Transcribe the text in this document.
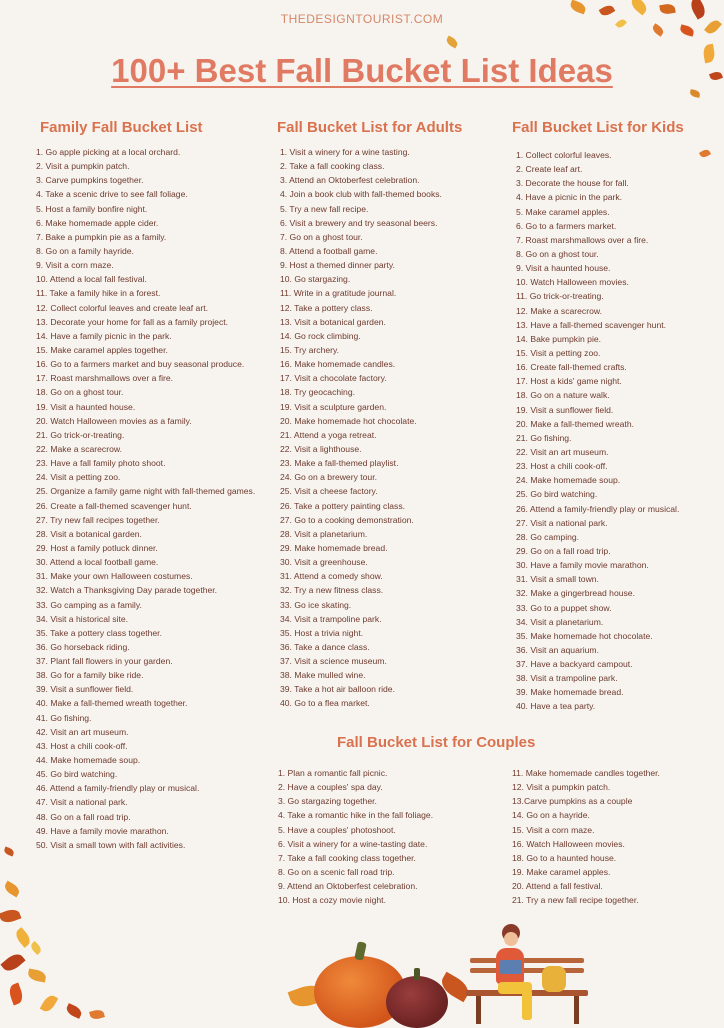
THEDESIGNTOURIST.COM
100+ Best Fall Bucket List Ideas
Family Fall Bucket List
1. Go apple picking at a local orchard.
2. Visit a pumpkin patch.
3. Carve pumpkins together.
4. Take a scenic drive to see fall foliage.
5. Host a family bonfire night.
6. Make homemade apple cider.
7. Bake a pumpkin pie as a family.
8. Go on a family hayride.
9. Visit a corn maze.
10. Attend a local fall festival.
11. Take a family hike in a forest.
12. Collect colorful leaves and create leaf art.
13. Decorate your home for fall as a family project.
14. Have a family picnic in the park.
15. Make caramel apples together.
16. Go to a farmers market and buy seasonal produce.
17. Roast marshmallows over a fire.
18. Go on a ghost tour.
19. Visit a haunted house.
20. Watch Halloween movies as a family.
21. Go trick-or-treating.
22. Make a scarecrow.
23. Have a fall family photo shoot.
24. Visit a petting zoo.
25. Organize a family game night with fall-themed games.
26. Create a fall-themed scavenger hunt.
27. Try new fall recipes together.
28. Visit a botanical garden.
29. Host a family potluck dinner.
30. Attend a local football game.
31. Make your own Halloween costumes.
32. Watch a Thanksgiving Day parade together.
33. Go camping as a family.
34. Visit a historical site.
35. Take a pottery class together.
36. Go horseback riding.
37. Plant fall flowers in your garden.
38. Go for a family bike ride.
39. Visit a sunflower field.
40. Make a fall-themed wreath together.
41. Go fishing.
42. Visit an art museum.
43. Host a chili cook-off.
44. Make homemade soup.
45. Go bird watching.
46. Attend a family-friendly play or musical.
47. Visit a national park.
48. Go on a fall road trip.
49. Have a family movie marathon.
50. Visit a small town with fall activities.
Fall Bucket List for Adults
1. Visit a winery for a wine tasting.
2. Take a fall cooking class.
3. Attend an Oktoberfest celebration.
4. Join a book club with fall-themed books.
5. Try a new fall recipe.
6. Visit a brewery and try seasonal beers.
7. Go on a ghost tour.
8. Attend a football game.
9. Host a themed dinner party.
10. Go stargazing.
11. Write in a gratitude journal.
12. Take a pottery class.
13. Visit a botanical garden.
14. Go rock climbing.
15. Try archery.
16. Make homemade candles.
17. Visit a chocolate factory.
18. Try geocaching.
19. Visit a sculpture garden.
20. Make homemade hot chocolate.
21. Attend a yoga retreat.
22. Visit a lighthouse.
23. Make a fall-themed playlist.
24. Go on a brewery tour.
25. Visit a cheese factory.
26. Take a pottery painting class.
27. Go to a cooking demonstration.
28. Visit a planetarium.
29. Make homemade bread.
30. Visit a greenhouse.
31. Attend a comedy show.
32. Try a new fitness class.
33. Go ice skating.
34. Visit a trampoline park.
35. Host a trivia night.
36. Take a dance class.
37. Visit a science museum.
38. Make mulled wine.
39. Take a hot air balloon ride.
40. Go to a flea market.
Fall Bucket List for Kids
1. Collect colorful leaves.
2. Create leaf art.
3. Decorate the house for fall.
4. Have a picnic in the park.
5. Make caramel apples.
6. Go to a farmers market.
7. Roast marshmallows over a fire.
8. Go on a ghost tour.
9. Visit a haunted house.
10. Watch Halloween movies.
11. Go trick-or-treating.
12. Make a scarecrow.
13. Have a fall-themed scavenger hunt.
14. Bake pumpkin pie.
15. Visit a petting zoo.
16. Create fall-themed crafts.
17. Host a kids' game night.
18. Go on a nature walk.
19. Visit a sunflower field.
20. Make a fall-themed wreath.
21. Go fishing.
22. Visit an art museum.
23. Host a chili cook-off.
24. Make homemade soup.
25. Go bird watching.
26. Attend a family-friendly play or musical.
27. Visit a national park.
28. Go camping.
29. Go on a fall road trip.
30. Have a family movie marathon.
31. Visit a small town.
32. Make a gingerbread house.
33. Go to a puppet show.
34. Visit a planetarium.
35. Make homemade hot chocolate.
36. Visit an aquarium.
37. Have a backyard campout.
38. Visit a trampoline park.
39. Make homemade bread.
40. Have a tea party.
Fall Bucket List for Couples
1. Plan a romantic fall picnic.
2. Have a couples' spa day.
3. Go stargazing together.
4. Take a romantic hike in the fall foliage.
5. Have a couples' photoshoot.
6. Visit a winery for a wine-tasting date.
7. Take a fall cooking class together.
8. Go on a scenic fall road trip.
9. Attend an Oktoberfest celebration.
10. Host a cozy movie night.
11. Make homemade candles together.
12. Visit a pumpkin patch.
13.Carve pumpkins as a couple
14. Go on a hayride.
15. Visit a corn maze.
16. Watch Halloween movies.
18. Go to a haunted house.
19. Make caramel apples.
20. Attend a fall festival.
21. Try a new fall recipe together.
